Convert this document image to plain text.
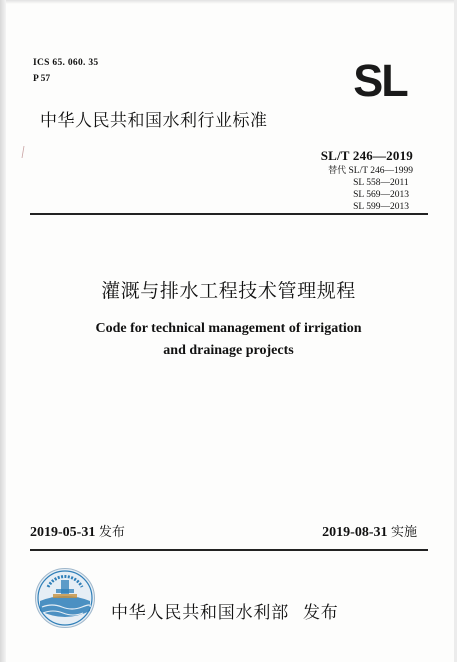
ICS 65. 060. 35
P 57	SL
中华人民共和国水利行业标准
SL/T 246—2019
替代 SL/T 246—1999
SL 558—2011
SL 569—2013
SL 599—2013
灌溉与排水工程技术管理规程
Code for technical management of irrigation
and drainage projects
2019-05-31 发布	2019-08-31 实施
中华人民共和国水利部 发布
